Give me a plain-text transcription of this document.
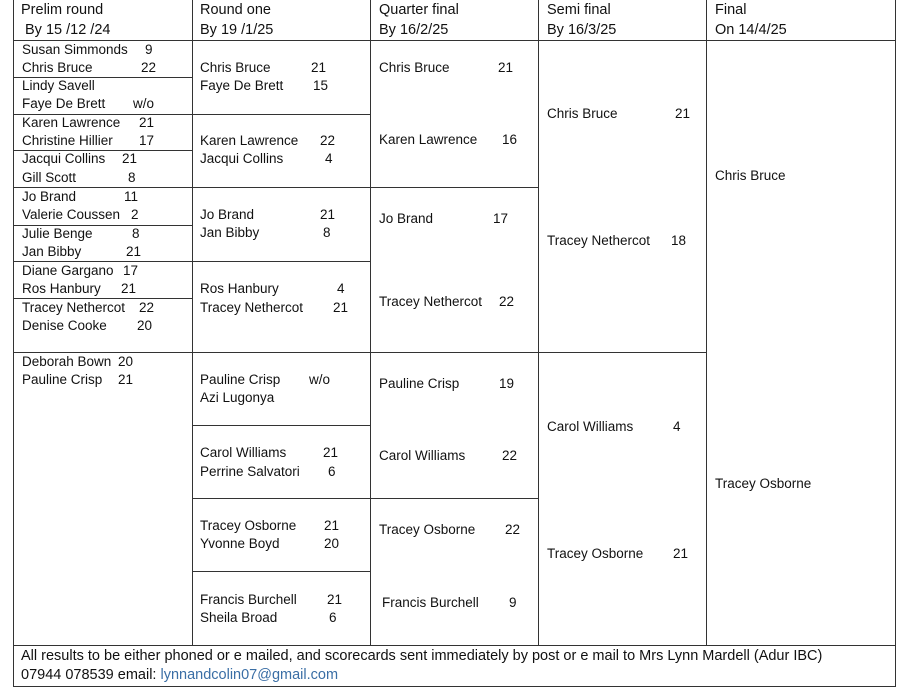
Prelim round
By 15 /12 /24
Round one
By 19 /1/25
Quarter final
By 16/2/25
Semi final
By 16/3/25
Final
On 14/4/25
Susan Simmonds 9
Chris Bruce	22
Lindy Savell
Faye De Brett w/o
Karen Lawrence 21
Christine Hillier 17
Jacqui Collins 21
Gill Scott	8
Jo Brand	11
Valerie Coussen 2
Julie Benge	8
Jan Bibby	21
Diane Gargano 17
Ros Hanbury 21
Tracey Nethercot 22
Denise Cooke 20
Deborah Bown 20
Pauline Crisp 21
Chris Bruce	21
Faye De Brett 15
Karen Lawrence 22
Jacqui Collins	4
Jo Brand	21
Jan Bibby	8
Ros Hanbury	4
Tracey Nethercot 21
Pauline Crisp w/o
Azi Lugonya
Carol Williams	21
Perrine Salvatori 6
Tracey Osborne 21
Yvonne Boyd	20
Francis Burchell 21
Sheila Broad	6
Chris Bruce	21
Karen Lawrence 16
Jo Brand	17
Tracey Nethercot 22
Pauline Crisp	19
Carol Williams	22
Tracey Osborne 22
Francis Burchell 9
Chris Bruce	21
Tracey Nethercot 18
Carol Williams	4
Tracey Osborne 21
Chris Bruce
Tracey Osborne
All results to be either phoned or e mailed, and scorecards sent immediately by post or e mail to Mrs Lynn Mardell (Adur IBC)
07944 078539 email: lynnandcolin07@gmail.com
